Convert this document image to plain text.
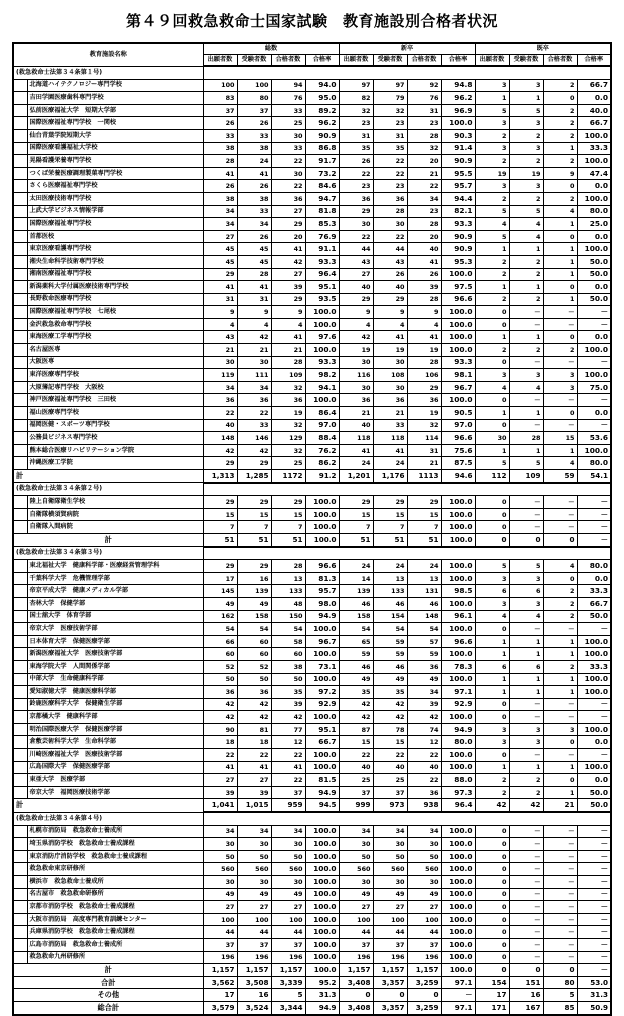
第４９回救急救命士国家試験　教育施設別合格者状況
教育施設名称		総数				新卒				既卒			
		出願者数	受験者数	合格者数	合格率	出願者数	受験者数	合格者数	合格率	出願者数	受験者数	合格者数	合格率
(救急救命士法第３４条第１号)													
	北海道ハイテクノロジー専門学校	100	100	94	94.0	97	97	92	94.8	3	3	2	66.7
	吉田学園医療歯科専門学校	83	80	76	95.0	82	79	76	96.2	1	1	0	0.0
	弘前医療福祉大学　短期大学部	37	37	33	89.2	32	32	31	96.9	5	5	2	40.0
	国際医療福祉専門学校　一関校	26	26	25	96.2	23	23	23	100.0	3	3	2	66.7
	仙台青葉学院短期大学	33	33	30	90.9	31	31	28	90.3	2	2	2	100.0
	国際医療看護福祉大学校	38	38	33	86.8	35	35	32	91.4	3	3	1	33.3
	晃陽看護栄養専門学校	28	24	22	91.7	26	22	20	90.9	2	2	2	100.0
	つくば栄養医療調理製菓専門学校	41	41	30	73.2	22	22	21	95.5	19	19	9	47.4
	さくら医療福祉専門学校	26	26	22	84.6	23	23	22	95.7	3	3	0	0.0
	太田医療技術専門学校	38	38	36	94.7	36	36	34	94.4	2	2	2	100.0
	上武大学ビジネス情報学部	34	33	27	81.8	29	28	23	82.1	5	5	4	80.0
	国際医療福祉専門学校	34	34	29	85.3	30	30	28	93.3	4	4	1	25.0
	首都医校	27	26	20	76.9	22	22	20	90.9	5	4	0	0.0
	東京医療看護専門学校	45	45	41	91.1	44	44	40	90.9	1	1	1	100.0
	湘央生命科学技術専門学校	45	45	42	93.3	43	43	41	95.3	2	2	1	50.0
	湘南医療福祉専門学校	29	28	27	96.4	27	26	26	100.0	2	2	1	50.0
	新潟薬科大学付属医療技術専門学校	41	41	39	95.1	40	40	39	97.5	1	1	0	0.0
	長野救命医療専門学校	31	31	29	93.5	29	29	28	96.6	2	2	1	50.0
	国際医療福祉専門学校　七尾校	9	9	9	100.0	9	9	9	100.0	0	－	－	－
	金沢救急救命専門学校	4	4	4	100.0	4	4	4	100.0	0	－	－	－
	東海医療工学専門学校	43	42	41	97.6	42	41	41	100.0	1	1	0	0.0
	名古屋医専	21	21	21	100.0	19	19	19	100.0	2	2	2	100.0
	大阪医専	30	30	28	93.3	30	30	28	93.3	0	－	－	－
	東洋医療専門学校	119	111	109	98.2	116	108	106	98.1	3	3	3	100.0
	大原簿記専門学校　大阪校	34	34	32	94.1	30	30	29	96.7	4	4	3	75.0
	神戸医療福祉専門学校　三田校	36	36	36	100.0	36	36	36	100.0	0	－	－	－
	福山医療専門学校	22	22	19	86.4	21	21	19	90.5	1	1	0	0.0
	福岡医健・スポーツ専門学校	40	33	32	97.0	40	33	32	97.0	0	－	－	－
	公務員ビジネス専門学校	148	146	129	88.4	118	118	114	96.6	30	28	15	53.6
	熊本総合医療リハビリテーション学院	42	42	32	76.2	41	41	31	75.6	1	1	1	100.0
	沖縄医療工学院	29	29	25	86.2	24	24	21	87.5	5	5	4	80.0
計		1,313	1,285	1172	91.2	1,201	1,176	1113	94.6	112	109	59	54.1
(救急救命士法第３４条第２号)													
	陸上自衛隊衛生学校	29	29	29	100.0	29	29	29	100.0	0	－	－	－
	自衛隊横須賀病院	15	15	15	100.0	15	15	15	100.0	0	－	－	－
	自衛隊入間病院	7	7	7	100.0	7	7	7	100.0	0	－	－	－
計		51	51	51	100.0	51	51	51	100.0	0	0	0	－
(救急救命士法第３４条第３号)													
	東北福祉大学　健康科学部・医療経営管理学科	29	29	28	96.6	24	24	24	100.0	5	5	4	80.0
	千葉科学大学　危機管理学部	17	16	13	81.3	14	13	13	100.0	3	3	0	0.0
	帝京平成大学　健康メディカル学部	145	139	133	95.7	139	133	131	98.5	6	6	2	33.3
	杏林大学　保健学部	49	49	48	98.0	46	46	46	100.0	3	3	2	66.7
	国士舘大学　体育学部	162	158	150	94.9	158	154	148	96.1	4	4	2	50.0
	帝京大学　医療技術学部	54	54	54	100.0	54	54	54	100.0	0	－	－	－
	日本体育大学　保健医療学部	66	60	58	96.7	65	59	57	96.6	1	1	1	100.0
	新潟医療福祉大学　医療技術学部	60	60	60	100.0	59	59	59	100.0	1	1	1	100.0
	東海学院大学　人間関係学部	52	52	38	73.1	46	46	36	78.3	6	6	2	33.3
	中部大学　生命健康科学部	50	50	50	100.0	49	49	49	100.0	1	1	1	100.0
	愛知淑徳大学　健康医療科学部	36	36	35	97.2	35	35	34	97.1	1	1	1	100.0
	鈴鹿医療科学大学　保健衛生学部	42	42	39	92.9	42	42	39	92.9	0	－	－	－
	京都橘大学　健康科学部	42	42	42	100.0	42	42	42	100.0	0	－	－	－
	明治国際医療大学　保健医療学部	90	81	77	95.1	87	78	74	94.9	3	3	3	100.0
	倉敷芸術科学大学　生命科学部	18	18	12	66.7	15	15	12	80.0	3	3	0	0.0
	川崎医療福祉大学　医療技術学部	22	22	22	100.0	22	22	22	100.0	0	－	－	－
	広島国際大学　保健医療学部	41	41	41	100.0	40	40	40	100.0	1	1	1	100.0
	東亜大学　医療学部	27	27	22	81.5	25	25	22	88.0	2	2	0	0.0
	帝京大学　福岡医療技術学部	39	39	37	94.9	37	37	36	97.3	2	2	1	50.0
計		1,041	1,015	959	94.5	999	973	938	96.4	42	42	21	50.0
(救急救命士法第３４条第４号)													
	札幌市消防局　救急救命士養成所	34	34	34	100.0	34	34	34	100.0	0	－	－	－
	埼玉県消防学校　救急救命士養成課程	30	30	30	100.0	30	30	30	100.0	0	－	－	－
	東京消防庁消防学校　救急救命士養成課程	50	50	50	100.0	50	50	50	100.0	0	－	－	－
	救急救命東京研修所	560	560	560	100.0	560	560	560	100.0	0	－	－	－
	横浜市　救急救命士養成所	30	30	30	100.0	30	30	30	100.0	0	－	－	－
	名古屋市　救急救命研修所	49	49	49	100.0	49	49	49	100.0	0	－	－	－
	京都市消防学校　救急救命士養成課程	27	27	27	100.0	27	27	27	100.0	0	－	－	－
	大阪市消防局　高度専門教育訓練センター	100	100	100	100.0	100	100	100	100.0	0	－	－	－
	兵庫県消防学校　救急救命士養成課程	44	44	44	100.0	44	44	44	100.0	0	－	－	－
	広島市消防局　救急救命士養成所	37	37	37	100.0	37	37	37	100.0	0	－	－	－
	救急救命九州研修所	196	196	196	100.0	196	196	196	100.0	0	－	－	－
計		1,157	1,157	1,157	100.0	1,157	1,157	1,157	100.0	0	0	0	－
合計		3,562	3,508	3,339	95.2	3,408	3,357	3,259	97.1	154	151	80	53.0
その他		17	16	5	31.3	0	0	0	－	17	16	5	31.3
総合計		3,579	3,524	3,344	94.9	3,408	3,357	3,259	97.1	171	167	85	50.9
